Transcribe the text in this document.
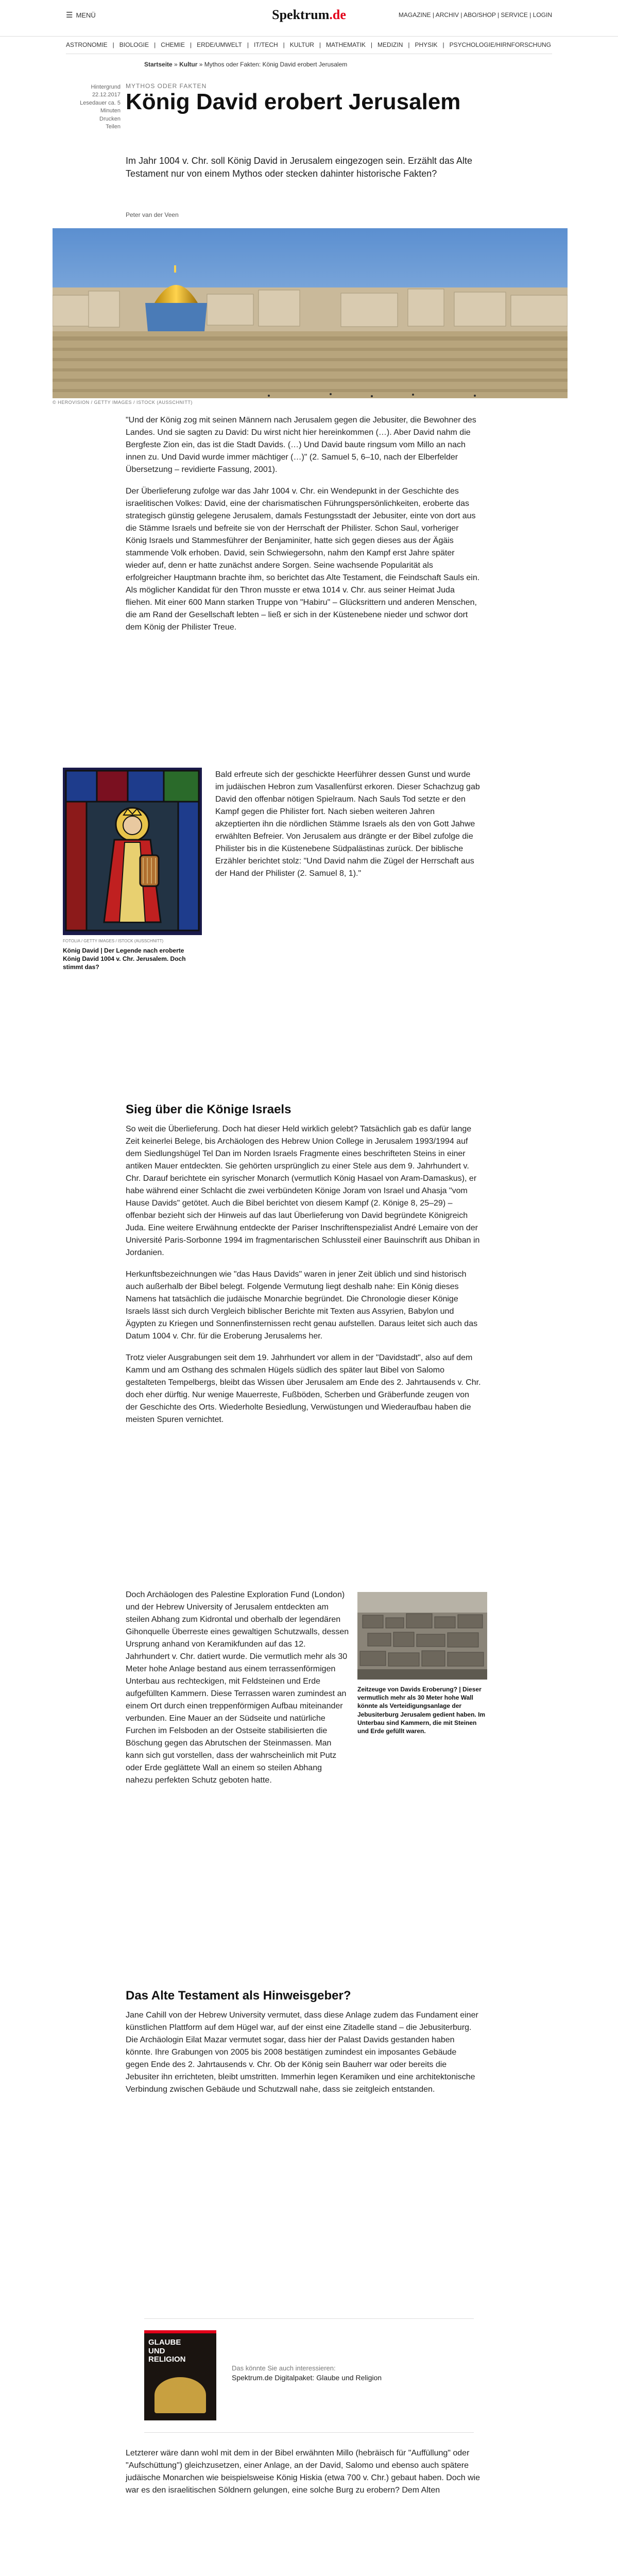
☰ MENÜ	Spektrum.de	MAGAZINE | ARCHIV | ABO/SHOP | SERVICE | LOGIN
ASTRONOMIE | BIOLOGIE | CHEMIE | ERDE/UMWELT | IT/TECH | KULTUR | MATHEMATIK | MEDIZIN | PHYSIK | PSYCHOLOGIE/HIRNFORSCHUNG
Startseite » Kultur » Mythos oder Fakten: König David erobert Jerusalem
Hintergrund
22.12.2017
Lesedauer ca. 5 Minuten
Drucken
Teilen
MYTHOS ODER FAKTEN
König David erobert Jerusalem
Im Jahr 1004 v. Chr. soll König David in Jerusalem eingezogen sein. Erzählt das Alte Testament nur von einem Mythos oder stecken dahinter historische Fakten?
Peter van der Veen
© HEROVISION / GETTY IMAGES / ISTOCK (AUSSCHNITT)

"Und der König zog mit seinen Männern nach Jerusalem gegen die Jebusiter, die Bewohner des Landes. Und sie sagten zu David: Du wirst nicht hier hereinkommen (…). Aber David nahm die Bergfeste Zion ein, das ist die Stadt Davids. (…) Und David baute ringsum vom Millo an nach innen zu. Und David wurde immer mächtiger (…)" (2. Samuel 5, 6–10, nach der Elberfelder Übersetzung – revidierte Fassung, 2001).

Der Überlieferung zufolge war das Jahr 1004 v. Chr. ein Wendepunkt in der Geschichte des israelitischen Volkes: David, eine der charismatischen Führungspersönlichkeiten, eroberte das strategisch günstig gelegene Jerusalem, damals Festungsstadt der Jebusiter, einte von dort aus die Stämme Israels und befreite sie von der Herrschaft der Philister. Schon Saul, vorheriger König Israels und Stammesführer der Benjaminiter, hatte sich gegen dieses aus der Ägäis stammende Volk erhoben. David, sein Schwiegersohn, nahm den Kampf erst Jahre später wieder auf, denn er hatte zunächst andere Sorgen. Seine wachsende Popularität als erfolgreicher Hauptmann brachte ihm, so berichtet das Alte Testament, die Feindschaft Sauls ein. Als möglicher Kandidat für den Thron musste er etwa 1014 v. Chr. aus seiner Heimat Juda fliehen. Mit einer 600 Mann starken Truppe von "Habiru" – Glücksrittern und anderen Menschen, die am Rand der Gesellschaft lebten – ließ er sich in der Küstenebene nieder und schwor dort dem König der Philister Treue.

FOTOLIA / GETTY IMAGES / ISTOCK (AUSSCHNITT)
König David | Der Legende nach eroberte König David 1004 v. Chr. Jerusalem. Doch stimmt das?

Bald erfreute sich der geschickte Heerführer dessen Gunst und wurde im judäischen Hebron zum Vasallenfürst erkoren. Dieser Schachzug gab David den offenbar nötigen Spielraum. Nach Sauls Tod setzte er den Kampf gegen die Philister fort. Nach sieben weiteren Jahren akzeptierten ihn die nördlichen Stämme Israels als den von Gott Jahwe erwählten Befreier. Von Jerusalem aus drängte er der Bibel zufolge die Philister bis in die Küstenebene Südpalästinas zurück. Der biblische Erzähler berichtet stolz: "Und David nahm die Zügel der Herrschaft aus der Hand der Philister (2. Samuel 8, 1)."

Sieg über die Könige Israels

So weit die Überlieferung. Doch hat dieser Held wirklich gelebt? Tatsächlich gab es dafür lange Zeit keinerlei Belege, bis Archäologen des Hebrew Union College in Jerusalem 1993/1994 auf dem Siedlungshügel Tel Dan im Norden Israels Fragmente eines beschrifteten Steins in einer antiken Mauer entdeckten. Sie gehörten ursprünglich zu einer Stele aus dem 9. Jahrhundert v. Chr. Darauf berichtete ein syrischer Monarch (vermutlich König Hasael von Aram-Damaskus), er habe während einer Schlacht die zwei verbündeten Könige Joram von Israel und Ahasja "vom Hause Davids" getötet. Auch die Bibel berichtet von diesem Kampf (2. Könige 8, 25–29) – offenbar bezieht sich der Hinweis auf das laut Überlieferung von David begründete Königreich Juda. Eine weitere Erwähnung entdeckte der Pariser Inschriftenspezialist André Lemaire von der Université Paris-Sorbonne 1994 im fragmentarischen Schlussteil einer Bauinschrift aus Dhiban in Jordanien.

Herkunftsbezeichnungen wie "das Haus Davids" waren in jener Zeit üblich und sind historisch auch außerhalb der Bibel belegt. Folgende Vermutung liegt deshalb nahe: Ein König dieses Namens hat tatsächlich die judäische Monarchie begründet. Die Chronologie dieser Könige Israels lässt sich durch Vergleich biblischer Berichte mit Texten aus Assyrien, Babylon und Ägypten zu Kriegen und Sonnenfinsternissen recht genau aufstellen. Daraus leitet sich auch das Datum 1004 v. Chr. für die Eroberung Jerusalems her.

Trotz vieler Ausgrabungen seit dem 19. Jahrhundert vor allem in der "Davidstadt", also auf dem Kamm und am Osthang des schmalen Hügels südlich des später laut Bibel von Salomo gestalteten Tempelbergs, bleibt das Wissen über Jerusalem am Ende des 2. Jahrtausends v. Chr. doch eher dürftig. Nur wenige Mauerreste, Fußböden, Scherben und Gräberfunde zeugen von der Geschichte des Orts. Wiederholte Besiedlung, Verwüstungen und Wiederaufbau haben die meisten Spuren vernichtet.

Doch Archäologen des Palestine Exploration Fund (London) und der Hebrew University of Jerusalem entdeckten am steilen Abhang zum Kidrontal und oberhalb der legendären Gihonquelle Überreste eines gewaltigen Schutzwalls, dessen Ursprung anhand von Keramikfunden auf das 12. Jahrhundert v. Chr. datiert wurde. Die vermutlich mehr als 30 Meter hohe Anlage bestand aus einem terrassenförmigen Unterbau aus rechteckigen, mit Feldsteinen und Erde aufgefüllten Kammern. Diese Terrassen waren zumindest an einem Ort durch einen treppenförmigen Aufbau miteinander verbunden. Eine Mauer an der Südseite und natürliche Furchen im Felsboden an der Ostseite stabilisierten die Böschung gegen das Abrutschen der Steinmassen. Man kann sich gut vorstellen, dass der wahrscheinlich mit Putz oder Erde geglättete Wall an einem so steilen Abhang nahezu perfekten Schutz geboten hatte.

Zeitzeuge von Davids Eroberung? | Dieser vermutlich mehr als 30 Meter hohe Wall könnte als Verteidigungsanlage der Jebusiterburg Jerusalem gedient haben. Im Unterbau sind Kammern, die mit Steinen und Erde gefüllt waren.
Das Alte Testament als Hinweisgeber?

Jane Cahill von der Hebrew University vermutet, dass diese Anlage zudem das Fundament einer künstlichen Plattform auf dem Hügel war, auf der einst eine Zitadelle stand – die Jebusiterburg. Die Archäologin Eilat Mazar vermutet sogar, dass hier der Palast Davids gestanden haben könnte. Ihre Grabungen von 2005 bis 2008 bestätigen zumindest ein imposantes Gebäude gegen Ende des 2. Jahrtausends v. Chr. Ob der König sein Bauherr war oder bereits die Jebusiter ihn errichteten, bleibt umstritten. Immerhin legen Keramiken und eine architektonische Verbindung zwischen Gebäude und Schutzwall nahe, dass sie zeitgleich entstanden.

GLAUBE
UND
RELIGION
Das könnte Sie auch interessieren:
Spektrum.de Digitalpaket: Glaube und Religion

Letzterer wäre dann wohl mit dem in der Bibel erwähnten Millo (hebräisch für "Auffüllung" oder "Aufschüttung") gleichzusetzen, einer Anlage, an der David, Salomo und ebenso auch spätere judäische Monarchen wie beispielsweise König Hiskia (etwa 700 v. Chr.) gebaut haben. Doch wie war es den israelitischen Söldnern gelungen, eine solche Burg zu erobern? Dem Alten
